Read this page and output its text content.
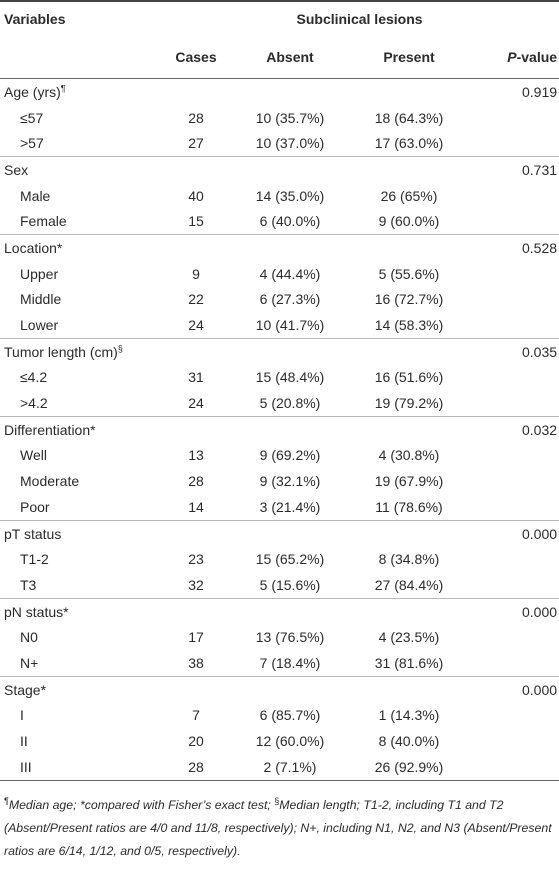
Variables	Subclinical lesions			
	Cases	Absent	Present	P-value
Age (yrs)¶				0.919
≤57	28	10 (35.7%)	18 (64.3%)	
>57	27	10 (37.0%)	17 (63.0%)	
Sex				0.731
Male	40	14 (35.0%)	26 (65%)	
Female	15	6 (40.0%)	9 (60.0%)	
Location*				0.528
Upper	9	4 (44.4%)	5 (55.6%)	
Middle	22	6 (27.3%)	16 (72.7%)	
Lower	24	10 (41.7%)	14 (58.3%)	
Tumor length (cm)§				0.035
≤4.2	31	15 (48.4%)	16 (51.6%)	
>4.2	24	5 (20.8%)	19 (79.2%)	
Differentiation*				0.032
Well	13	9 (69.2%)	4 (30.8%)	
Moderate	28	9 (32.1%)	19 (67.9%)	
Poor	14	3 (21.4%)	11 (78.6%)	
pT status				0.000
T1-2	23	15 (65.2%)	8 (34.8%)	
T3	32	5 (15.6%)	27 (84.4%)	
pN status*				0.000
N0	17	13 (76.5%)	4 (23.5%)	
N+	38	7 (18.4%)	31 (81.6%)	
Stage*				0.000
I	7	6 (85.7%)	1 (14.3%)	
II	20	12 (60.0%)	8 (40.0%)	
III	28	2 (7.1%)	26 (92.9%)	
¶Median age; *compared with Fisher’s exact test; §Median length; T1-2, including T1 and T2 (Absent/Present ratios are 4/0 and 11/8, respectively); N+, including N1, N2, and N3 (Absent/Present ratios are 6/14, 1/12, and 0/5, respectively).
